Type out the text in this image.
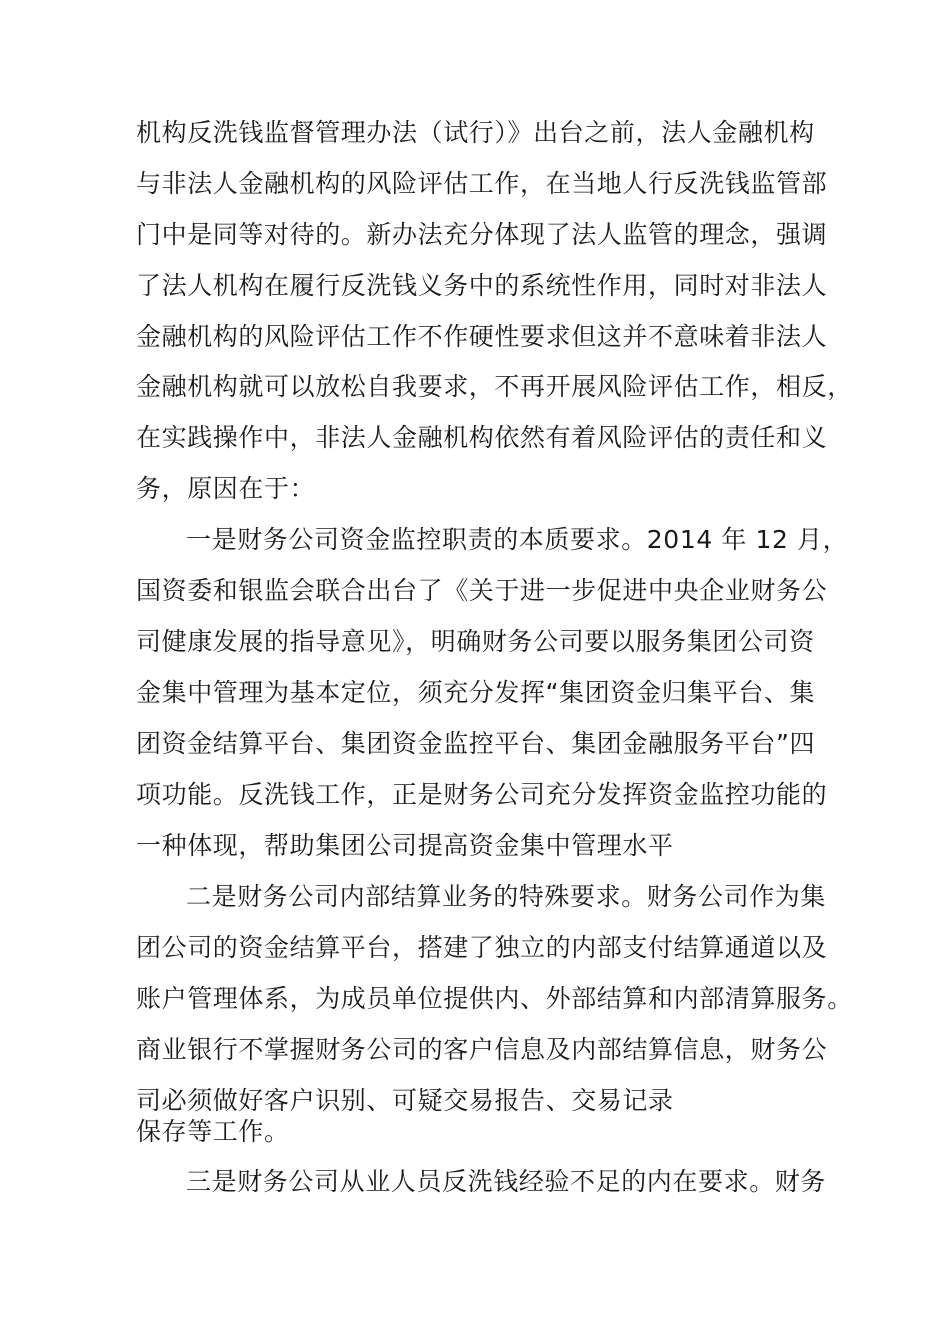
机构反洗钱监督管理办法（试行）》出台之前，法人金融机构
与非法人金融机构的风险评估工作，在当地人行反洗钱监管部
门中是同等对待的。新办法充分体现了法人监管的理念，强调
了法人机构在履行反洗钱义务中的系统性作用，同时对非法人
金融机构的风险评估工作不作硬性要求但这并不意味着非法人
金融机构就可以放松自我要求，不再开展风险评估工作，相反，
在实践操作中，非法人金融机构依然有着风险评估的责任和义
务，原因在于：
一是财务公司资金监控职责的本质要求。2014 年 12 月，
国资委和银监会联合出台了《关于进一步促进中央企业财务公
司健康发展的指导意见》，明确财务公司要以服务集团公司资
金集中管理为基本定位，须充分发挥“集团资金归集平台、集
团资金结算平台、集团资金监控平台、集团金融服务平台”四
项功能。反洗钱工作，正是财务公司充分发挥资金监控功能的
一种体现，帮助集团公司提高资金集中管理水平
二是财务公司内部结算业务的特殊要求。财务公司作为集
团公司的资金结算平台，搭建了独立的内部支付结算通道以及
账户管理体系，为成员单位提供内、外部结算和内部清算服务。
商业银行不掌握财务公司的客户信息及内部结算信息，财务公
司必须做好客户识别、可疑交易报告、交易记录
保存等工作。
三是财务公司从业人员反洗钱经验不足的内在要求。财务
